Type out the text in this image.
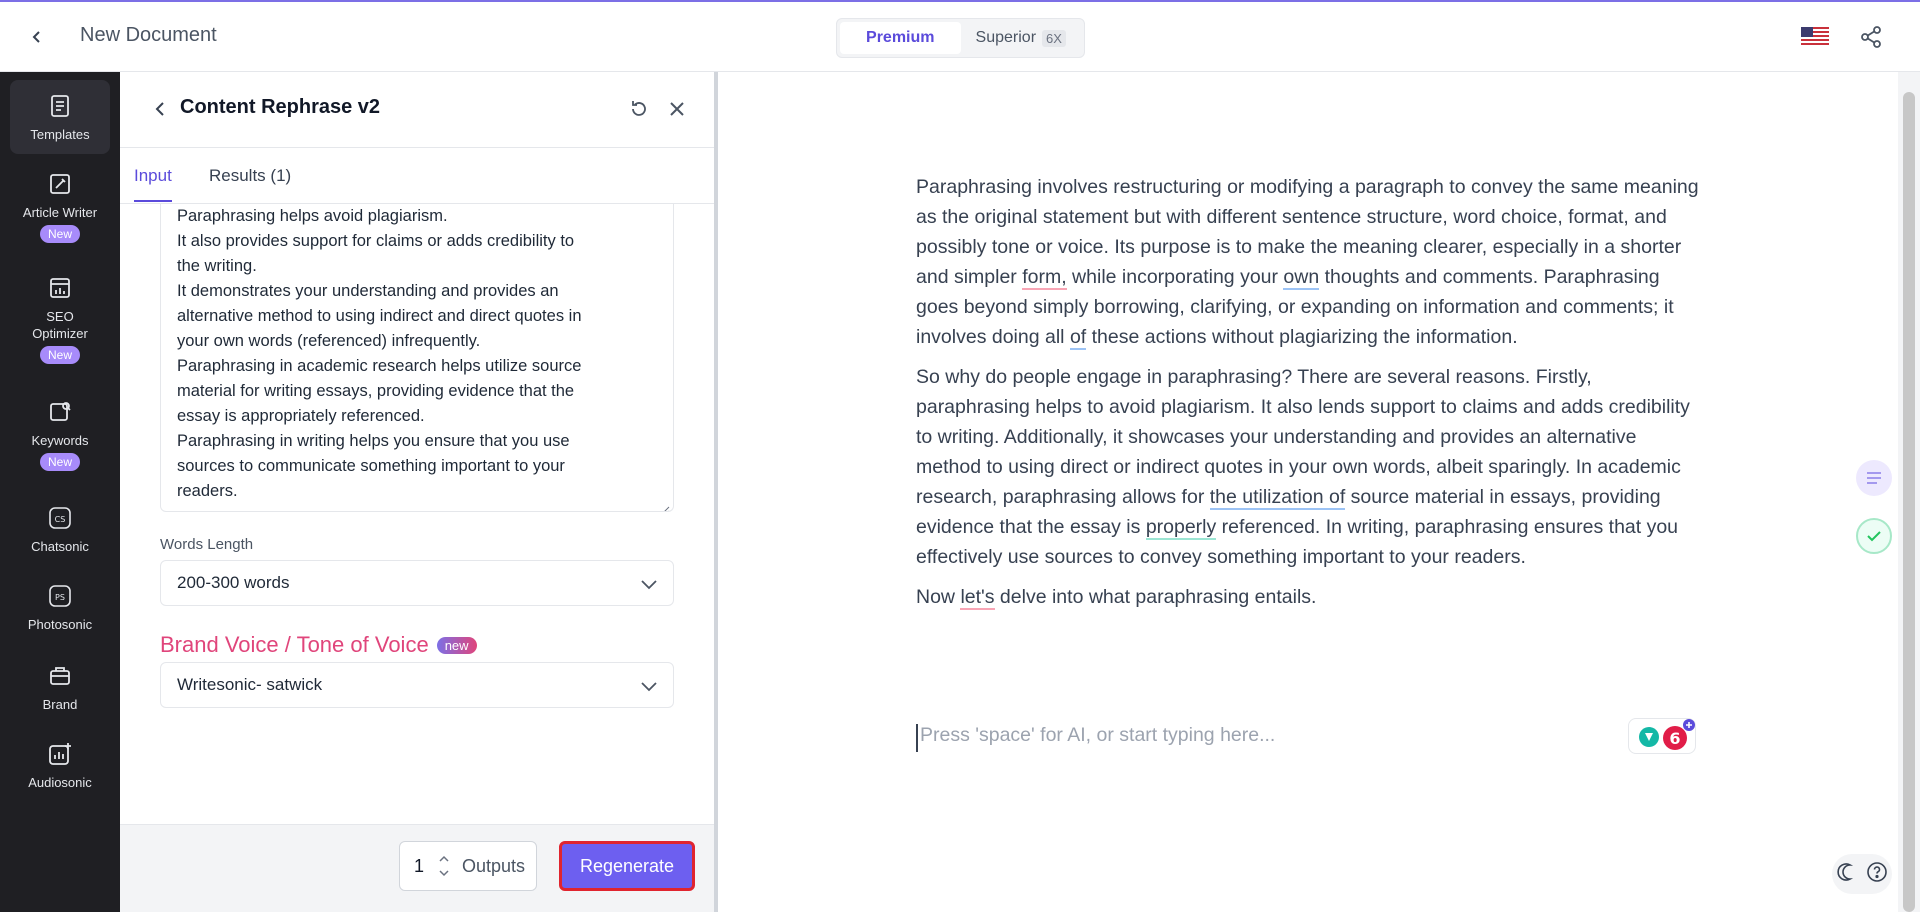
New Document	Premium	Superior 6X
Templates
Article Writer
New
SEO Optimizer
New
Keywords
New
CS
Chatsonic
PS
Photosonic
Brand
Audiosonic
Content Rephrase v2
Input Results (1)
Paraphrasing helps avoid plagiarism.
It also provides support for claims or adds credibility to
the writing.
It demonstrates your understanding and provides an
alternative method to using indirect and direct quotes in
your own words (referenced) infrequently.
Paraphrasing in academic research helps utilize source
material for writing essays, providing evidence that the
essay is appropriately referenced.
Paraphrasing in writing helps you ensure that you use
sources to communicate something important to your
readers.
Words Length
200-300 words
Brand Voice / Tone of Voice	new
Writesonic- satwick
1	Outputs	Regenerate

Paraphrasing involves restructuring or modifying a paragraph to convey the same meaning as the original statement but with different sentence structure, word choice, format, and possibly tone or voice. Its purpose is to make the meaning clearer, especially in a shorter and simpler form, while incorporating your own thoughts and comments. Paraphrasing goes beyond simply borrowing, clarifying, or expanding on information and comments; it involves doing all of these actions without plagiarizing the information.

So why do people engage in paraphrasing? There are several reasons. Firstly, paraphrasing helps to avoid plagiarism. It also lends support to claims and adds credibility to writing. Additionally, it showcases your understanding and provides an alternative method to using direct or indirect quotes in your own words, albeit sparingly. In academic research, paraphrasing allows for the utilization of source material in essays, providing evidence that the essay is properly referenced. In writing, paraphrasing ensures that you effectively use sources to convey something important to your readers.

Now let's delve into what paraphrasing entails.

Press 'space' for AI, or start typing here...	6
